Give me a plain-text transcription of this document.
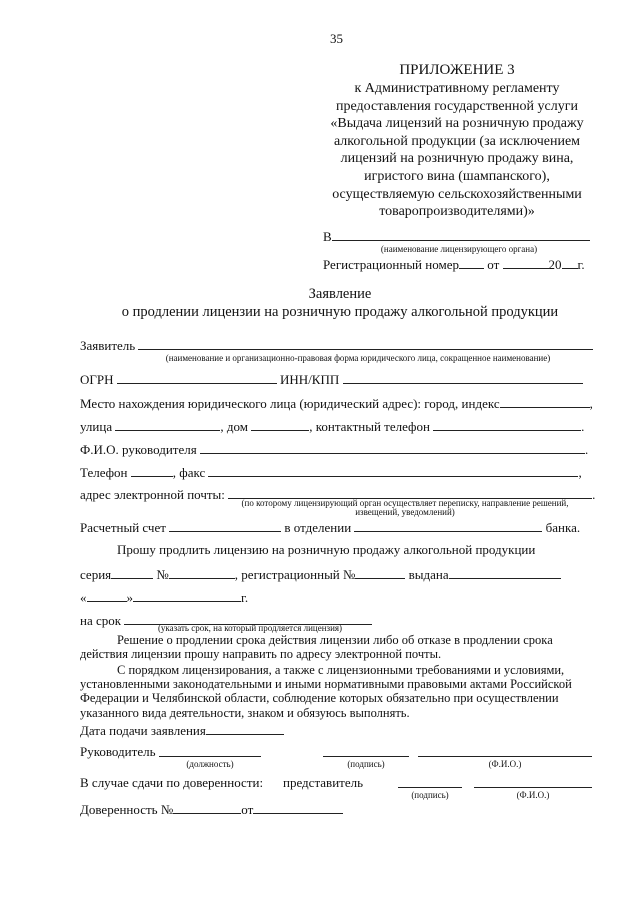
35
ПРИЛОЖЕНИЕ 3
к Административному регламенту
предоставления государственной услуги
«Выдача лицензий на розничную продажу
алкогольной продукции (за исключением
лицензий на розничную продажу вина,
игристого вина (шампанского),
осуществляемую сельскохозяйственными
товаропроизводителями)»
В
(наименование лицензирующего органа)
Регистрационный номер от	20 г.
Заявление
о продлении лицензии на розничную продажу алкогольной продукции
Заявитель
(наименование и организационно-правовая форма юридического лица, сокращенное наименование)
ОГРН	ИНН/КПП
Место нахождения юридического лица (юридический адрес): город, индекс	,
улица	, дом	, контактный телефон	.
Ф.И.О. руководителя	.
Телефон	, факс	,
адрес электронной почты:	.
(по которому лицензирующий орган осуществляет переписку, направление решений,
извещений, уведомлений)
Расчетный счет	в отделении	банка.
Прошу продлить лицензию на розничную продажу алкогольной продукции
серия	№	, регистрационный №	выдана
«	»	г.
на срок	(указать срок, на который продляется лицензия)
Решение о продлении срока действия лицензии либо об отказе в продлении срока
действия лицензии прошу направить по адресу электронной почты.
С порядком лицензирования, а также с лицензионными требованиями и условиями,
установленными законодательными и иными нормативными правовыми актами Российской
Федерации и Челябинской области, соблюдение которых обязательно при осуществлении
указанного вида деятельности, знаком и обязуюсь выполнять.
Дата подачи заявления
Руководитель
(должность)	(подпись)	(Ф.И.О.)
В случае сдачи по доверенности: представитель
(подпись)	(Ф.И.О.)
Доверенность №	от
